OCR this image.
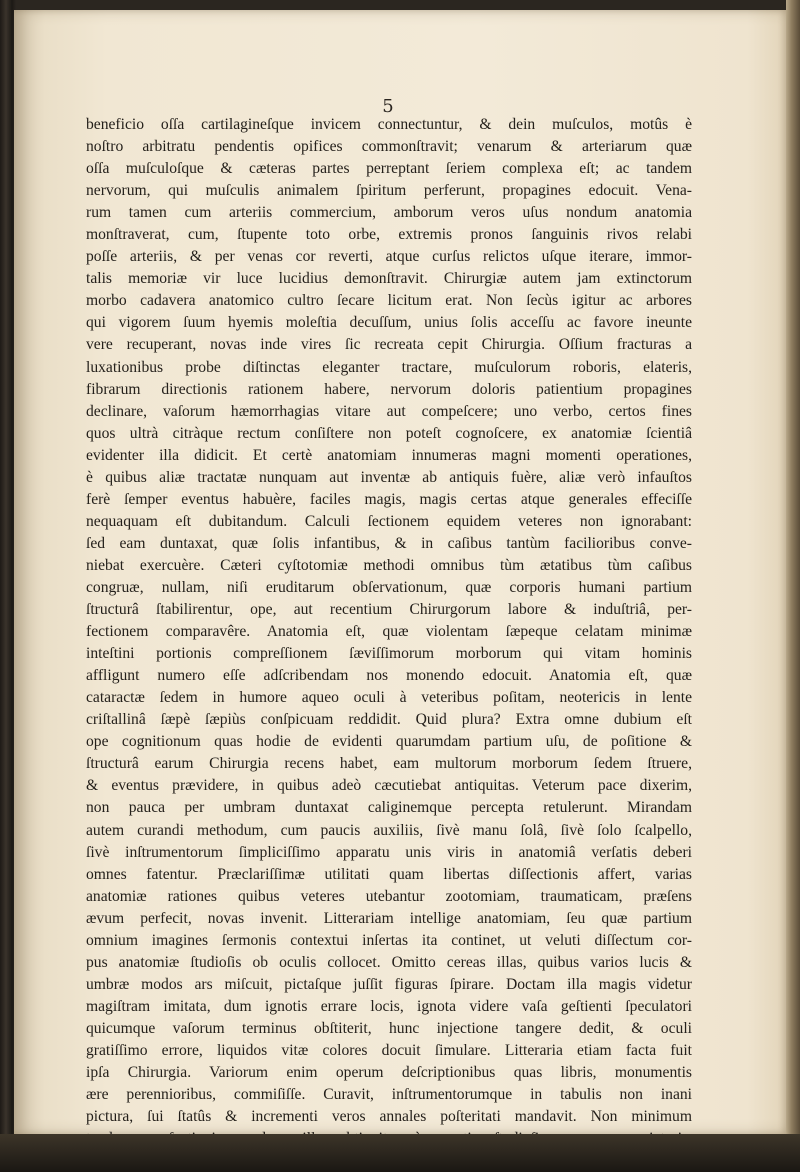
5
beneficio oſſa cartilagineſque invicem connectuntur, & dein muſculos, motûs è
noſtro arbitratu pendentis opifices commonſtravit; venarum & arteriarum quæ
oſſa muſculoſque & cæteras partes perreptant ſeriem complexa eſt; ac tandem
nervorum, qui muſculis animalem ſpiritum perferunt, propagines edocuit. Vena-
rum tamen cum arteriis commercium, amborum veros uſus nondum anatomia
monſtraverat, cum, ſtupente toto orbe, extremis pronos ſanguinis rivos relabi
poſſe arteriis, & per venas cor reverti, atque curſus relictos uſque iterare, immor-
talis memoriæ vir luce lucidius demonſtravit. Chirurgiæ autem jam extinctorum
morbo cadavera anatomico cultro ſecare licitum erat. Non ſecùs igitur ac arbores
qui vigorem ſuum hyemis moleſtia decuſſum, unius ſolis acceſſu ac favore ineunte
vere recuperant, novas inde vires ſic recreata cepit Chirurgia. Oſſium fracturas a
luxationibus probe diſtinctas eleganter tractare, muſculorum roboris, elateris,
fibrarum directionis rationem habere, nervorum doloris patientium propagines
declinare, vaſorum hæmorrhagias vitare aut compeſcere; uno verbo, certos fines
quos ultrà citràque rectum conſiſtere non poteſt cognoſcere, ex anatomiæ ſcientiâ
evidenter illa didicit. Et certè anatomiam innumeras magni momenti operationes,
è quibus aliæ tractatæ nunquam aut inventæ ab antiquis fuère, aliæ verò infauſtos
ferè ſemper eventus habuère, faciles magis, magis certas atque generales effeciſſe
nequaquam eſt dubitandum. Calculi ſectionem equidem veteres non ignorabant:
ſed eam duntaxat, quæ ſolis infantibus, & in caſibus tantùm facilioribus conve-
niebat exercuère. Cæteri cyſtotomiæ methodi omnibus tùm ætatibus tùm caſibus
congruæ, nullam, niſi eruditarum obſervationum, quæ corporis humani partium
ſtructurâ ſtabilirentur, ope, aut recentium Chirurgorum labore & induſtriâ, per-
fectionem comparavêre. Anatomia eſt, quæ violentam ſæpeque celatam minimæ
inteſtini portionis compreſſionem ſæviſſimorum morborum qui vitam hominis
affligunt numero eſſe adſcribendam nos monendo edocuit. Anatomia eſt, quæ
cataractæ ſedem in humore aqueo oculi à veteribus poſitam, neotericis in lente
criſtallinâ ſæpè ſæpiùs conſpicuam reddidit. Quid plura? Extra omne dubium eſt
ope cognitionum quas hodie de evidenti quarumdam partium uſu, de poſitione &
ſtructurâ earum Chirurgia recens habet, eam multorum morborum ſedem ſtruere,
& eventus prævidere, in quibus adeò cæcutiebat antiquitas. Veterum pace dixerim,
non pauca per umbram duntaxat caliginemque percepta retulerunt. Mirandam
autem curandi methodum, cum paucis auxiliis, ſivè manu ſolâ, ſivè ſolo ſcalpello,
ſivè inſtrumentorum ſimpliciſſimo apparatu unis viris in anatomiâ verſatis deberi
omnes fatentur. Præclariſſimæ utilitati quam libertas diſſectionis affert, varias
anatomiæ rationes quibus veteres utebantur zootomiam, traumaticam, præſens
ævum perfecit, novas invenit. Litterariam intellige anatomiam, ſeu quæ partium
omnium imagines ſermonis contextui inſertas ita continet, ut veluti diſſectum cor-
pus anatomiæ ſtudioſis ob oculis collocet. Omitto cereas illas, quibus varios lucis &
umbræ modos ars miſcuit, pictaſque juſſit figuras ſpirare. Doctam illa magis videtur
magiſtram imitata, dum ignotis errare locis, ignota videre vaſa geſtienti ſpeculatori
quicumque vaſorum terminus obſtiterit, hunc injectione tangere dedit, & oculi
gratiſſimo errore, liquidos vitæ colores docuit ſimulare. Litteraria etiam facta fuit
ipſa Chirurgia. Variorum enim operum deſcriptionibus quas libris, monumentis
ære perennioribus, commiſiſſe. Curavit, inſtrumentorumque in tabulis non inani
pictura, ſui ſtatûs & incrementi veros annales poſteritati mandavit. Non minimum
